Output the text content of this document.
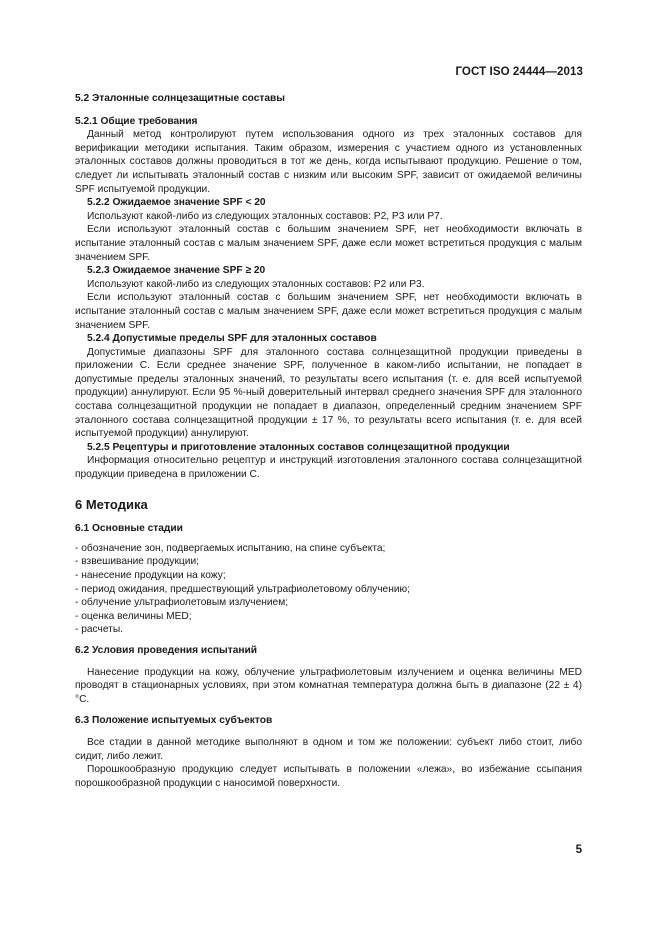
ГОСТ ISO 24444—2013

5.2 Эталонные солнцезащитные составы

5.2.1 Общие требования

Данный метод контролируют путем использования одного из трех эталонных составов для верификации методики испытания. Таким образом, измерения с участием одного из установленных эталонных составов должны проводиться в тот же день, когда испытывают продукцию. Решение о том, следует ли испытывать эталонный состав с низким или высоким SPF, зависит от ожидаемой величины SPF испытуемой продукции.

5.2.2 Ожидаемое значение SPF < 20

Используют какой-либо из следующих эталонных составов: P2, P3 или P7.

Если используют эталонный состав с большим значением SPF, нет необходимости включать в испытание эталонный состав с малым значением SPF, даже если может встретиться продукция с малым значением SPF.

5.2.3 Ожидаемое значение SPF ≥ 20

Используют какой-либо из следующих эталонных составов: P2 или P3.

Если используют эталонный состав с большим значением SPF, нет необходимости включать в испытание эталонный состав с малым значением SPF, даже если может встретиться продукция с малым значением SPF.

5.2.4 Допустимые пределы SPF для эталонных составов

Допустимые диапазоны SPF для эталонного состава солнцезащитной продукции приведены в приложении С. Если среднее значение SPF, полученное в каком-либо испытании, не попадает в допустимые пределы эталонных значений, то результаты всего испытания (т. е. для всей испытуемой продукции) аннулируют. Если 95 %-ный доверительный интервал среднего значения SPF для эталонного состава солнцезащитной продукции не попадает в диапазон, определенный средним значением SPF эталонного состава солнцезащитной продукции ± 17 %, то результаты всего испытания (т. е. для всей испытуемой продукции) аннулируют.

5.2.5 Рецептуры и приготовление эталонных составов солнцезащитной продукции

Информация относительно рецептур и инструкций изготовления эталонного состава солнцезащитной продукции приведена в приложении С.

6 Методика

6.1 Основные стадии

- обозначение зон, подвергаемых испытанию, на спине субъекта;

- взвешивание продукции;

- нанесение продукции на кожу;

- период ожидания, предшествующий ультрафиолетовому облучению;

- облучение ультрафиолетовым излучением;

- оценка величины MED;

- расчеты.

6.2 Условия проведения испытаний

Нанесение продукции на кожу, облучение ультрафиолетовым излучением и оценка величины MED проводят в стационарных условиях, при этом комнатная температура должна быть в диапазоне (22 ± 4) °C.

6.3 Положение испытуемых субъектов

Все стадии в данной методике выполняют в одном и том же положении: субъект либо стоит, либо сидит, либо лежит.

Порошкообразную продукцию следует испытывать в положении «лежа», во избежание ссыпания порошкообразной продукции с наносимой поверхности.

5
